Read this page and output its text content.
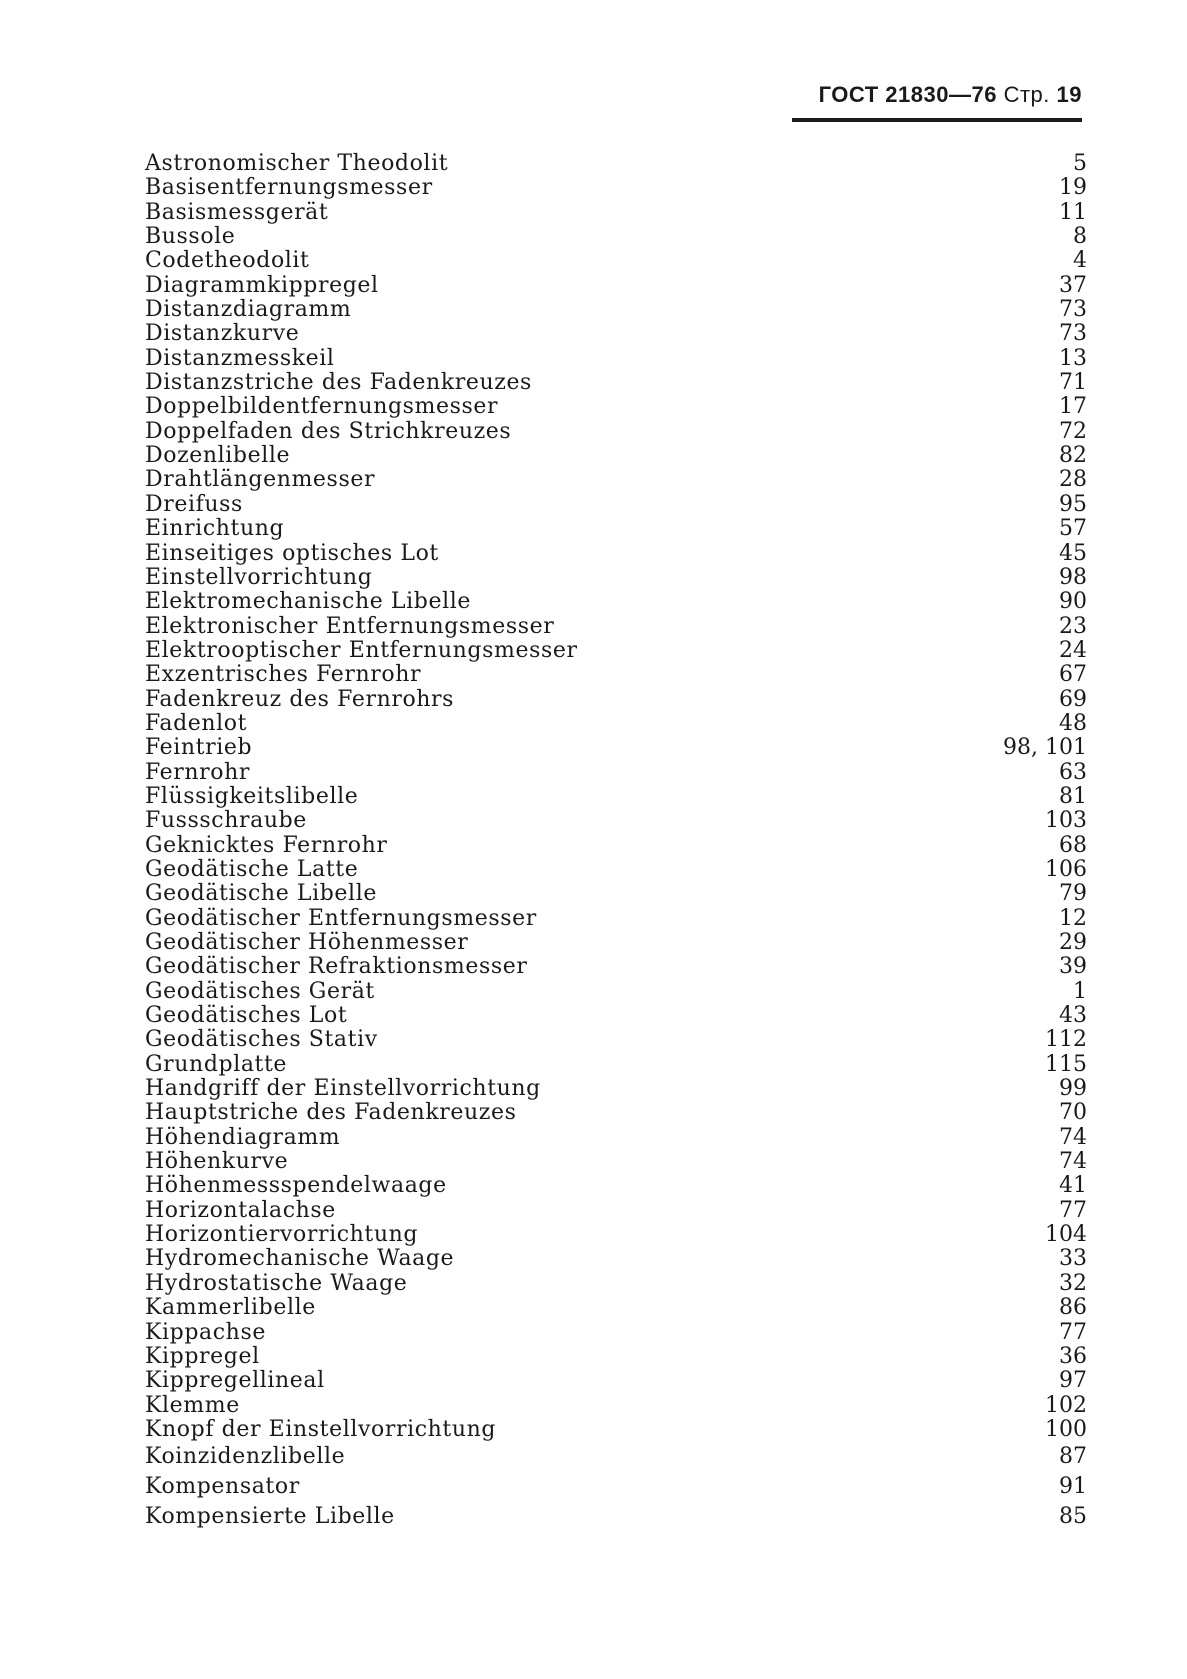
ГОСТ 21830—76 Стр. 19
Astronomischer Theodolit	5
Basisentfernungsmesser	19
Basismessgerät	11
Bussole	8
Codetheodolit	4
Diagrammkippregel	37
Distanzdiagramm	73
Distanzkurve	73
Distanzmesskeil	13
Distanzstriche des Fadenkreuzes	71
Doppelbildentfernungsmesser	17
Doppelfaden des Strichkreuzes	72
Dozenlibelle	82
Drahtlängenmesser	28
Dreifuss	95
Einrichtung	57
Einseitiges optisches Lot	45
Einstellvorrichtung	98
Elektromechanische Libelle	90
Elektronischer Entfernungsmesser	23
Elektrooptischer Entfernungsmesser	24
Exzentrisches Fernrohr	67
Fadenkreuz des Fernrohrs	69
Fadenlot	48
Feintrieb	98, 101
Fernrohr	63
Flüssigkeitslibelle	81
Fussschraube	103
Geknicktes Fernrohr	68
Geodätische Latte	106
Geodätische Libelle	79
Geodätischer Entfernungsmesser	12
Geodätischer Höhenmesser	29
Geodätischer Refraktionsmesser	39
Geodätisches Gerät	1
Geodätisches Lot	43
Geodätisches Stativ	112
Grundplatte	115
Handgriff der Einstellvorrichtung	99
Hauptstriche des Fadenkreuzes	70
Höhendiagramm	74
Höhenkurve	74
Höhenmessspendelwaage	41
Horizontalachse	77
Horizontiervorrichtung	104
Hydromechanische Waage	33
Hydrostatische Waage	32
Kammerlibelle	86
Kippachse	77
Kippregel	36
Kippregellineal	97
Klemme	102
Knopf der Einstellvorrichtung	100
Koinzidenzlibelle	87
Kompensator	91
Kompensierte Libelle	85
